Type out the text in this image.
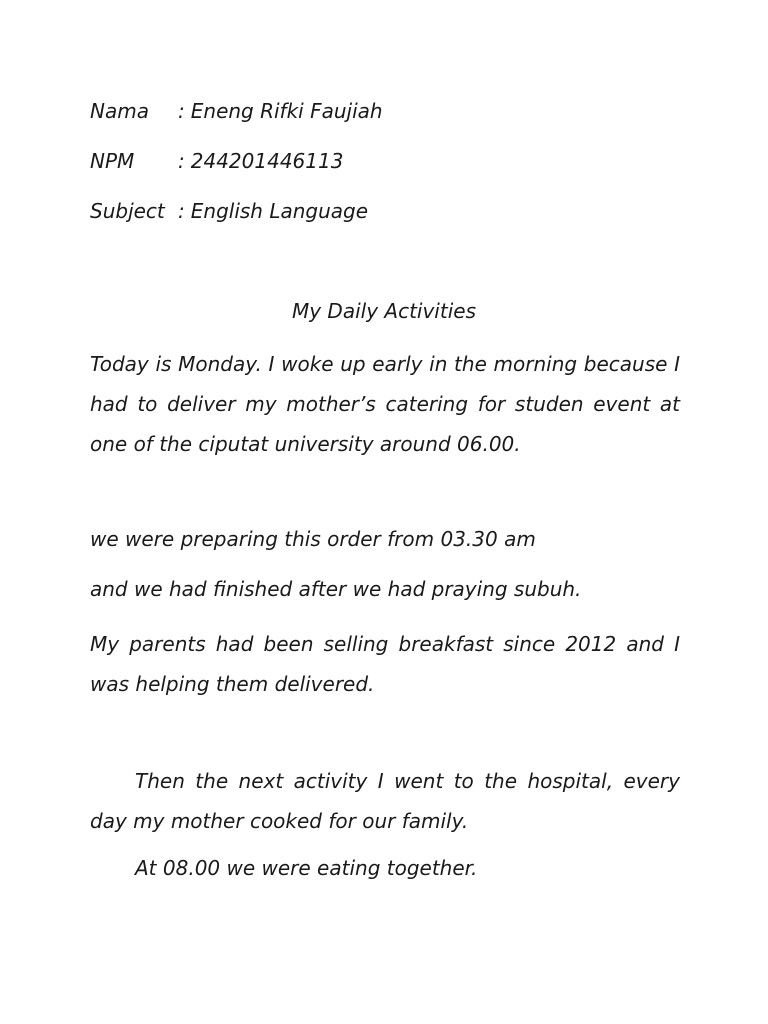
Nama : Eneng Rifki Faujiah
NPM : 244201446113
Subject : English Language
My Daily Activities

Today is Monday. I woke up early in the morning because I had to deliver my mother’s catering for studen event at one of the ciputat university around 06.00.

we were preparing this order from 03.30 am

and we had finished after we had praying subuh.

My parents had been selling breakfast since 2012 and I was helping them delivered.

Then the next activity I went to the hospital, every day my mother cooked for our family.

At 08.00 we were eating together.
